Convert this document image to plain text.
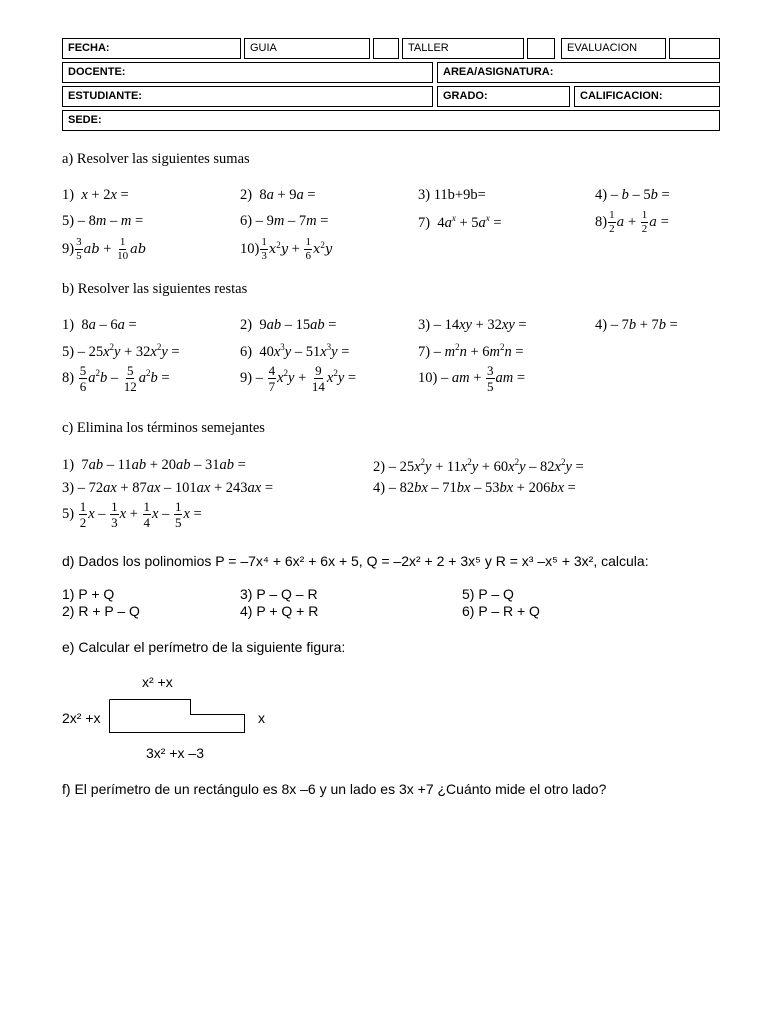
FECHA:	GUIA	TALLER	EVALUACION
DOCENTE:	AREA/ASIGNATURA:
ESTUDIANTE:	GRADO:	CALIFICACION:
SEDE:
a) Resolver las siguientes sumas
1)  x + 2x =	2)  8a + 9a =	3) 11b+9b=	4) – b – 5b =
5) – 8m – m =	6) – 9m – 7m =	7)  $4a^x + 5a^x$ =	$8) \frac{1}{2}$ $a + \frac{1}{2}$ a =
$9) \frac{3}{5}$ ab + $\frac{1}{10}$ ab	$10) \frac{1}{3} x^2y + \frac{1}{6} x^2y$
b) Resolver las siguientes restas
1)  8a – 6a =	2)  9ab – 15ab =	3) – 14xy + 32xy =	4) – 7b + 7b =
$5) - 25x^2y + 32x^2y$ =	6)  $40x^3y - 51x^3y$ =	$7) - m^2n + 6m^2n$ =
$8) \frac{5}{6} a^2b - \frac{5}{12} a^2b$ =	$9) - \frac{4}{7} x^2y + \frac{9}{14} x^2y$ =	10) – am + $\frac{3}{5}$ am =
c) Elimina los términos semejantes
1)  7ab – 11ab + 20ab – 31ab =	$2) - 25x^2y + 11x^2y + 60x^2y - 82x^2y$ =
3) – 72ax + 87ax – 101ax + 243ax =	4) – 82bx – 71bx – 53bx + 206bx =
$5) \frac{1}{2}$ x – $\frac{1}{3}$ $x + \frac{1}{4}$ x – $\frac{1}{5}$ x =
d) Dados los polinomios P = –7x⁴ + 6x² + 6x + 5, Q = –2x² + 2 + 3x⁵ y R = x³ –x⁵ + 3x², calcula:
1) P + Q	3) P – Q – R	5) P – Q
2) R + P – Q	4) P + Q + R	6) P – R + Q
e) Calcular el perímetro de la siguiente figura:
x² +x
2x² +x	x
3x² +x –3
f) El perímetro de un rectángulo es 8x –6 y un lado es 3x +7 ¿Cuánto mide el otro lado?
